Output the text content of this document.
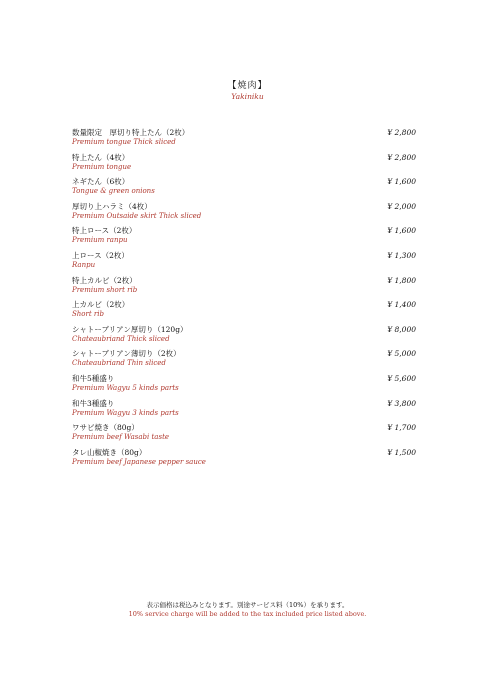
【焼肉】
Yakiniku
数量限定　厚切り特上たん（2枚）
Premium tongue Thick sliced
¥ 2,800
特上たん（4枚）
Premium tongue
¥ 2,800
ネギたん（6枚）
Tongue & green onions
¥ 1,600
厚切り上ハラミ（4枚）
Premium Outsaide skirt Thick sliced
¥ 2,000
特上ロース（2枚）
Premium ranpu
¥ 1,600
上ロース（2枚）
Ranpu
¥ 1,300
特上カルビ（2枚）
Premium short rib
¥ 1,800
上カルビ（2枚）
Short rib
¥ 1,400
シャトーブリアン厚切り（120g）
Chateaubriand Thick sliced
¥ 8,000
シャトーブリアン薄切り（2枚）
Chateaubriand Thin sliced
¥ 5,000
和牛5種盛り
Premium Wagyu 5 kinds parts
¥ 5,600
和牛3種盛り
Premium Wagyu 3 kinds parts
¥ 3,800
ワサビ焼き（80g）
Premium beef Wasabi taste
¥ 1,700
タレ山椒焼き（80g）
Premium beef Japanese pepper sauce
¥ 1,500
表示価格は税込みとなります。別途サービス料（10%）を承ります。
10% service charge will be added to the tax included price listed above.
